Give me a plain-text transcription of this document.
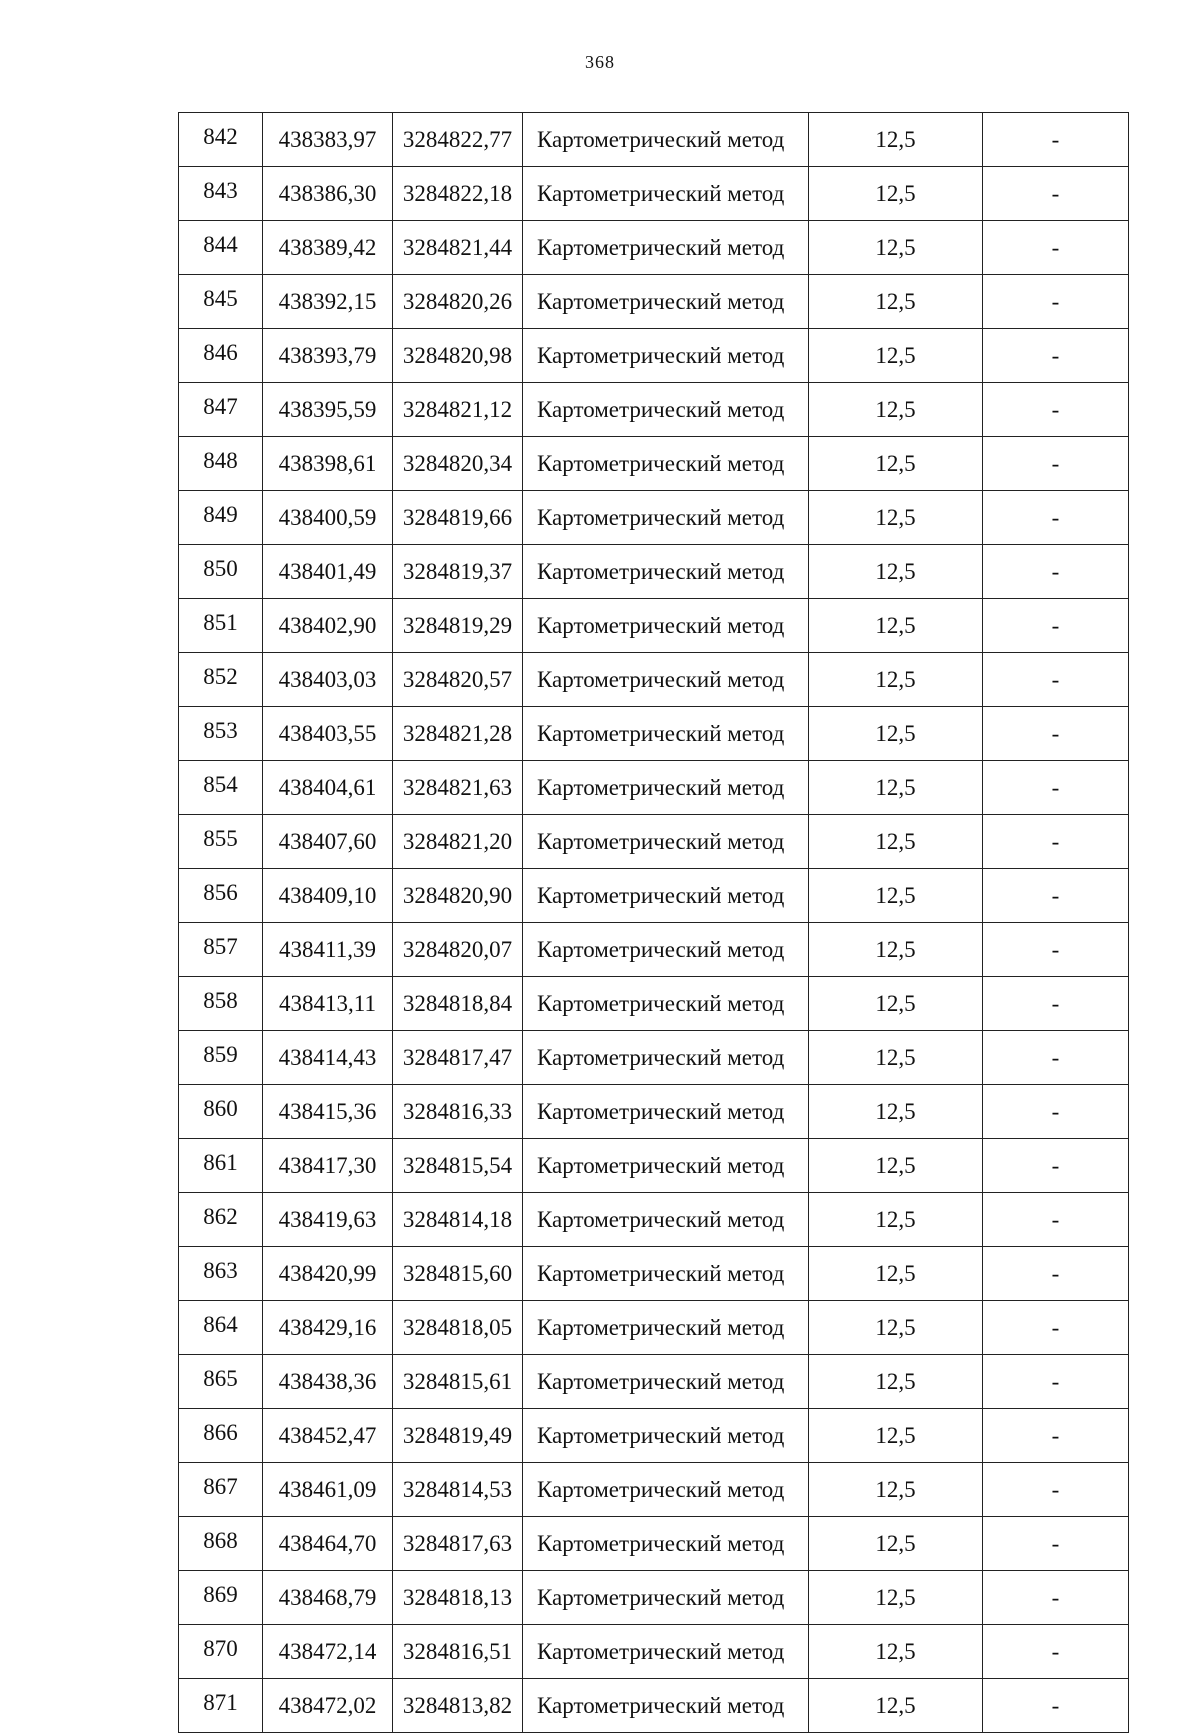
368
842	438383,97	3284822,77	Картометрический метод	12,5	-
843	438386,30	3284822,18	Картометрический метод	12,5	-
844	438389,42	3284821,44	Картометрический метод	12,5	-
845	438392,15	3284820,26	Картометрический метод	12,5	-
846	438393,79	3284820,98	Картометрический метод	12,5	-
847	438395,59	3284821,12	Картометрический метод	12,5	-
848	438398,61	3284820,34	Картометрический метод	12,5	-
849	438400,59	3284819,66	Картометрический метод	12,5	-
850	438401,49	3284819,37	Картометрический метод	12,5	-
851	438402,90	3284819,29	Картометрический метод	12,5	-
852	438403,03	3284820,57	Картометрический метод	12,5	-
853	438403,55	3284821,28	Картометрический метод	12,5	-
854	438404,61	3284821,63	Картометрический метод	12,5	-
855	438407,60	3284821,20	Картометрический метод	12,5	-
856	438409,10	3284820,90	Картометрический метод	12,5	-
857	438411,39	3284820,07	Картометрический метод	12,5	-
858	438413,11	3284818,84	Картометрический метод	12,5	-
859	438414,43	3284817,47	Картометрический метод	12,5	-
860	438415,36	3284816,33	Картометрический метод	12,5	-
861	438417,30	3284815,54	Картометрический метод	12,5	-
862	438419,63	3284814,18	Картометрический метод	12,5	-
863	438420,99	3284815,60	Картометрический метод	12,5	-
864	438429,16	3284818,05	Картометрический метод	12,5	-
865	438438,36	3284815,61	Картометрический метод	12,5	-
866	438452,47	3284819,49	Картометрический метод	12,5	-
867	438461,09	3284814,53	Картометрический метод	12,5	-
868	438464,70	3284817,63	Картометрический метод	12,5	-
869	438468,79	3284818,13	Картометрический метод	12,5	-
870	438472,14	3284816,51	Картометрический метод	12,5	-
871	438472,02	3284813,82	Картометрический метод	12,5	-
